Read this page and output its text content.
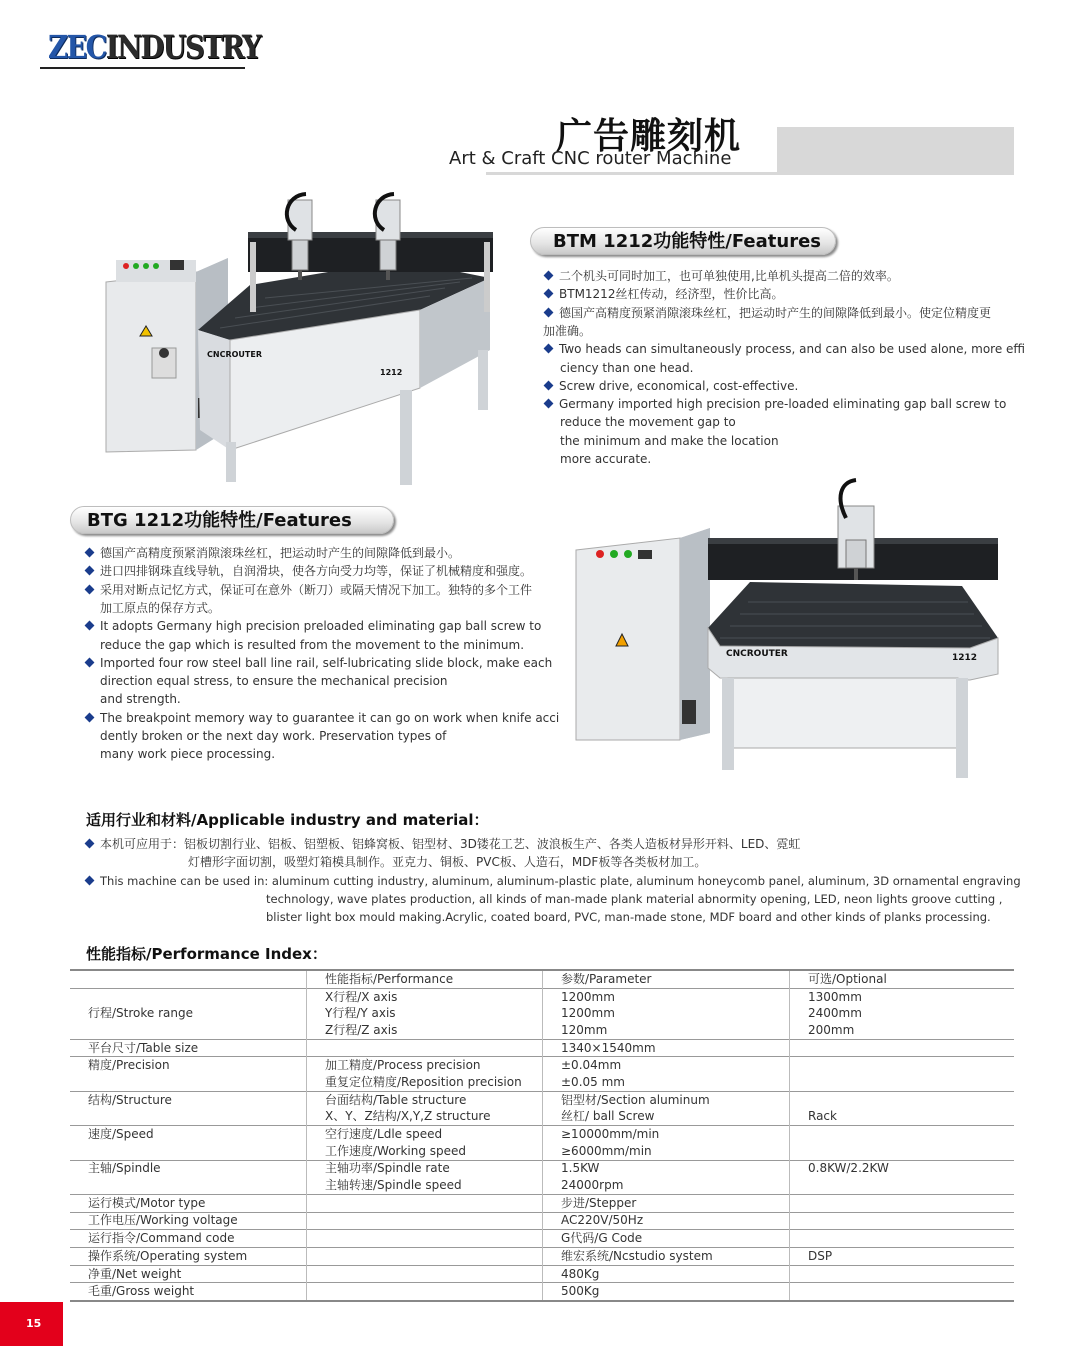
ZECINDUSTRY
广告雕刻机
Art & Craft CNC router Machine
CNCROUTER
1212
BTM 1212功能特性/Features
二个机头可同时加工，也可单独使用,比单机头提高二倍的效率。
BTM1212丝杠传动，经济型，性价比高。
德国产高精度预紧消隙滚珠丝杠，把运动时产生的间隙降低到最小。使定位精度更
加准确。
Two heads can simultaneously process, and can also be used alone, more effi
ciency than one head.
Screw drive, economical, cost-effective.
Germany imported high precision pre-loaded eliminating gap ball screw to
reduce the movement gap to
the minimum and make the location
more accurate.
BTG 1212功能特性/Features
德国产高精度预紧消隙滚珠丝杠，把运动时产生的间隙降低到最小。
进口四排钢珠直线导轨，自润滑块，使各方向受力均等，保证了机械精度和强度。
采用对断点记忆方式，保证可在意外（断刀）或隔天情况下加工。独特的多个工件
加工原点的保存方式。
It adopts Germany high precision preloaded eliminating gap ball screw to
reduce the gap which is resulted from the movement to the minimum.
Imported four row steel ball line rail, self-lubricating slide block, make each
direction equal stress, to ensure the mechanical precision
and strength.
The breakpoint memory way to guarantee it can go on work when knife acci
dently broken or the next day work. Preservation types of
many work piece processing.
CNCROUTER	1212
适用行业和材料/Applicable industry and material：
本机可应用于：铝板切割行业、铝板、铝塑板、铝蜂窝板、铝型材、3D镂花工艺、波浪板生产、各类人造板材异形开料、LED、霓虹
灯槽形字面切割，吸塑灯箱模具制作。亚克力、铜板、PVC板、人造石，MDF板等各类板材加工。
This machine can be used in: aluminum cutting industry, aluminum, aluminum-plastic plate, aluminum honeycomb panel, aluminum, 3D ornamental engraving
technology, wave plates production, all kinds of man-made plank material abnormity opening, LED, neon lights groove cutting ,
blister light box mould making.Acrylic, coated board, PVC, man-made stone, MDF board and other kinds of planks processing.
性能指标/Performance Index：
	性能指标/Performance	参数/Parameter	可选/Optional
	X行程/X axis	1200mm	1300mm
行程/Stroke range	Y行程/Y axis	1200mm	2400mm
	Z行程/Z axis	120mm	200mm
平台尺寸/Table size		1340×1540mm	
精度/Precision	加工精度/Process precision	±0.04mm	
	重复定位精度/Reposition precision	±0.05 mm	
结构/Structure	台面结构/Table structure	铝型材/Section aluminum	
	X、Y、Z结构/X,Y,Z structure	丝杠/ ball Screw	Rack
速度/Speed	空行速度/Ldle speed	≥10000mm/min	
	工作速度/Working speed	≥6000mm/min	
主轴/Spindle	主轴功率/Spindle rate	1.5KW	0.8KW/2.2KW
	主轴转速/Spindle speed	24000rpm	
运行模式/Motor type		步进/Stepper	
工作电压/Working voltage		AC220V/50Hz	
运行指令/Command code		G代码/G Code	
操作系统/Operating system		维宏系统/Ncstudio system	DSP
净重/Net weight		480Kg	
毛重/Gross weight		500Kg	
15
